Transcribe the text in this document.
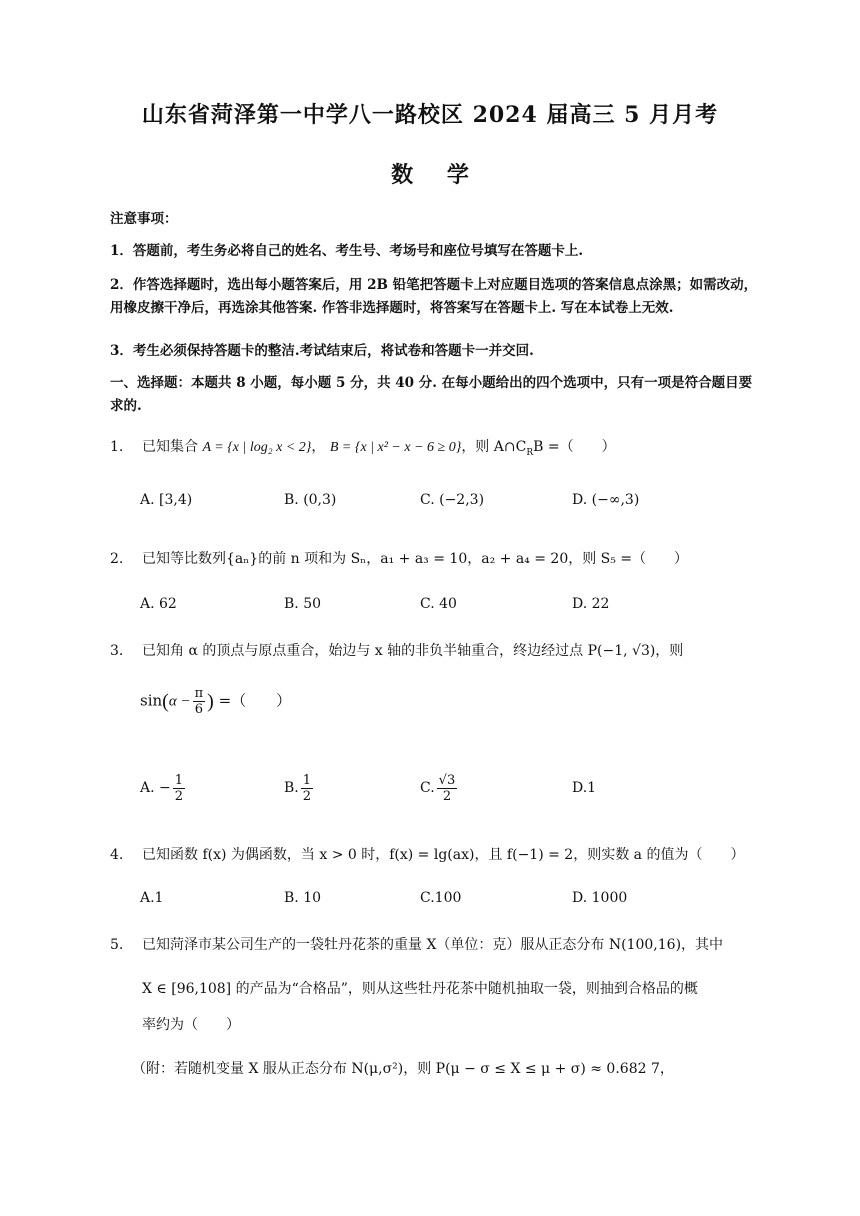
山东省菏泽第一中学八一路校区 2024 届高三 5 月月考
数 学
注意事项：
1．答题前，考生务必将自己的姓名、考生号、考场号和座位号填写在答题卡上.
2．作答选择题时，选出每小题答案后，用 2B 铅笔把答题卡上对应题目选项的答案信息点涂黑；如需改动，用橡皮擦干净后，再选涂其他答案. 作答非选择题时，将答案写在答题卡上. 写在本试卷上无效.
3．考生必须保持答题卡的整洁.考试结束后，将试卷和答题卡一并交回.
一、选择题：本题共 8 小题，每小题 5 分，共 40 分. 在每小题给出的四个选项中，只有一项是符合题目要求的.
1.	已知集合 A = {x | log₂ x < 2}， B = {x | x² − x − 6 ≥ 0}，则 $A\cap C_RB$ =（　　）
A. [3,4)	B. (0,3)	C. (−2,3)	D. (−∞,3)
2.	已知等比数列{aₙ}的前 n 项和为 Sₙ，a₁ + a₃ = 10，a₂ + a₄ = 20，则 S₅ =（　　）
A. 62	B. 50	C. 40	D. 22
3.	已知角 α 的顶点与原点重合，始边与 x 轴的非负半轴重合，终边经过点 P(−1, √3)，则
$\sin(\alpha - \frac{\pi}{6}$ ) =（　　）
A. − $\frac{1}{2}$	B. $\frac{1}{2}$	C. $\frac{√3}{2}$	D.1
4.	已知函数 f(x) 为偶函数，当 x > 0 时，f(x) = lg(ax)，且 f(−1) = 2，则实数 a 的值为（　　）
A.1	B. 10	C.100	D. 1000
5.	已知菏泽市某公司生产的一袋牡丹花茶的重量 X（单位：克）服从正态分布 N(100,16)，其中
X ∈ [96,108] 的产品为“合格品”，则从这些牡丹花茶中随机抽取一袋，则抽到合格品的概
率约为（　　）
（附：若随机变量 X 服从正态分布 N(μ,σ²)，则 P(μ − σ ≤ X ≤ μ + σ) ≈ 0.682 7，
